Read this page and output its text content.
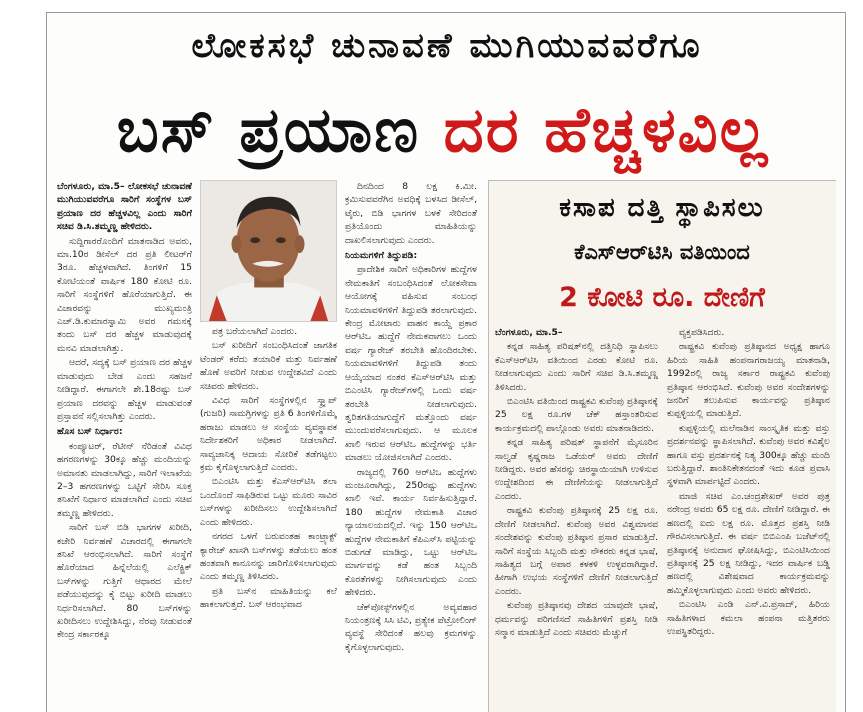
ಲೋಕಸಭೆ ಚುನಾವಣೆ ಮುಗಿಯುವವರೆಗೂ
ಬಸ್ ಪ್ರಯಾಣ ದರ ಹೆಚ್ಚಳವಿಲ್ಲ

ಬೆಂಗಳೂರು, ಮಾ.5– ಲೋಕಸಭೆ ಚುನಾವಣೆ ಮುಗಿಯುವವರೆಗೂ ಸಾರಿಗೆ ಸಂಸ್ಥೆಗಳ ಬಸ್ ಪ್ರಯಾಣ ದರ ಹೆಚ್ಚಳವಿಲ್ಲ ಎಂದು ಸಾರಿಗೆ ಸಚಿವ ಡಿ.ಸಿ.ತಮ್ಮಣ್ಣ ಹೇಳಿದರು.

ಸುದ್ದಿಗಾರರೊಂದಿಗೆ ಮಾತನಾಡಿದ ಅವರು, ಮಾ.10ರ ಡೀಸೆಲ್ ದರ ಪ್ರತಿ ಲೀಟರ್‌ಗೆ 3ರೂ. ಹೆಚ್ಚಳವಾಗಿದೆ. ತಿಂಗಳಿಗೆ 15 ಕೋಟಿಯಂತೆ ವಾರ್ಷಿಕ 180 ಕೋಟಿ ರೂ. ಸಾರಿಗೆ ಸಂಸ್ಥೆಗಳಿಗೆ ಹೊರೆಯಾಗುತ್ತಿದೆ. ಈ ವಿಚಾರವನ್ನು ಮುಖ್ಯಮಂತ್ರಿ ಎಚ್.ಡಿ.ಕುಮಾರಸ್ವಾಮಿ ಅವರ ಗಮನಕ್ಕೆ ತಂದು ಬಸ್ ದರ ಹೆಚ್ಚಳ ಮಾಡುವುದಕ್ಕೆ ಮನವಿ ಮಾಡಲಾಗಿತ್ತು.

ಆದರೆ, ಸದ್ಯಕ್ಕೆ ಬಸ್ ಪ್ರಯಾಣ ದರ ಹೆಚ್ಚಳ ಮಾಡುವುದು ಬೇಡ ಎಂದು ಸಹಜನೆ ನೀಡಿದ್ದಾರೆ. ಈಗಾಗಲೇ ಶೇ.18ರಷ್ಟು ಬಸ್ ಪ್ರಯಾಣ ದರವನ್ನು ಹೆಚ್ಚಳ ಮಾಡುವಂತೆ ಪ್ರಸ್ತಾವನೆ ಸಲ್ಲಿಸಲಾಗಿತ್ತು ಎಂದರು.

ಹೊಸ ಬಸ್ ನಿರ್ಧಾರ:

ಕಂಪ್ಯೂಟರ್, ರೆಟೀನ್ ನೆರಿಡಂತೆ ವಿವಿಧ ಹಗರಣಗಳನ್ನು 30ಕ್ಕೂ ಹೆಚ್ಚು ಮಂದಿಯನ್ನು ಅಮಾನತು ಮಾಡಲಾಗಿದ್ದು, ಸಾರಿಗೆ ಇಲಾಖೆಯ 2–3 ಹಗರಣಗಳನ್ನು ಒಟ್ಟಿಗೆ ಸೇರಿಸಿ ಸೂಕ್ತ ತನಿಖೆಗೆ ನಿರ್ಧಾರ ಮಾಡಲಾಗಿದೆ ಎಂದು ಸಚಿವ ತಮ್ಮಣ್ಣ ಹೇಳಿದರು.

ಸಾರಿಗೆ ಬಸ್ ಬಿಡಿ ಭಾಗಗಳ ಖರೀದಿ, ಕಚೇರಿ ನಿರ್ವಹಣೆ ವಿಚಾರದಲ್ಲಿ ಈಗಾಗಲೇ ತನಿಖೆ ಆರಂಭಿಸಲಾಗಿದೆ. ಸಾರಿಗೆ ಸಂಸ್ಥೆಗೆ ಹೊರೆಯಾದ ಹಿನ್ನೆಲೆಯಲ್ಲಿ ಎಲೆಕ್ಟ್ರಿಕ್ ಬಸ್‌ಗಳನ್ನು ಗುತ್ತಿಗೆ ಆಧಾರದ ಮೇಲೆ ಪಡೆಯುವುದನ್ನು ಕೈ ಬಿಟ್ಟು ಖರೀದಿ ಮಾಡಲು ನಿರ್ಧರಿಸಲಾಗಿದೆ. 80 ಬಸ್‌ಗಳನ್ನು ಖರೀದಿಸಲು ಉದ್ದೇಶಿಸಿದ್ದು, ನೆರವು ನೀಡುವಂತೆ ಕೇಂದ್ರ ಸರ್ಕಾರಕ್ಕೂ

ಪತ್ರ ಬರೆಯಲಾಗಿದೆ ಎಂದರು.

ಬಸ್ ಖರೀದಿಗೆ ಸಂಬಂಧಿಸಿದಂತೆ ಜಾಗತಿಕ ಟೆಂಡರ್ ಕರೆದು ತಯಾರಿಕೆ ಮತ್ತು ನಿರ್ವಹಣೆ ಹೊಣೆ ಅವರಿಗೆ ನೀಡುವ ಉದ್ದೇಶವಿದೆ ಎಂದು ಸಚಿವರು ಹೇಳಿದರು.

ವಿವಿಧ ಸಾರಿಗೆ ಸಂಸ್ಥೆಗಳಲ್ಲಿನ ಸ್ಕ್ರ್ಯಾಪ್ (ಗುಜರಿ) ಸಾಮಗ್ರಿಗಳನ್ನು ಪ್ರತಿ 6 ತಿಂಗಳಿಗೊಮ್ಮೆ ಹರಾಜು ಮಾಡಲು ಆ ಸಂಸ್ಥೆಯ ವ್ಯವಸ್ಥಾಪಕ ನಿರ್ದೇಶಕರಿಗೆ ಅಧಿಕಾರ ನೀಡಲಾಗಿದೆ. ಸಾವ್ಯಜಾನಿಕ್ಕ ಆದಾಯ ಸೋರಿಕೆ ತಡೆಗಟ್ಟಲು ಕ್ರಮ ಕೈಗೊಳ್ಳಲಾಗುತ್ತಿದೆ ಎಂದರು.

ಬಿಎಂಟಿಸಿ ಮತ್ತು ಕೆಎಸ್‌ಆರ್‌ಟಿಸಿ ತಲಾ ಒಂದೊಂದೆ ಸಾಫಿಡಿರುವ ಒಟ್ಟು ಮೂರು ಸಾವಿರ ಬಸ್‌ಗಳನ್ನು ಖರೀದಿಸಲು ಉದ್ದೇಶಿಸಲಾಗಿದೆ ಎಂದು ಹೇಳಿದರು.

ನಗರದ ಒಳಗೆ ಬರುವಂತಹ ಕಾಂಟ್ರ್ಯಾಕ್ಟ್ ಕ್ಯಾರೇಜ್ ಖಾಸಗಿ ಬಸ್‌ಗಳನ್ನು ತಡೆಯಲು ಹಂತ ಹಂತವಾಗಿ ಕಾನೂನನ್ನು ಜಾರಿಗೊಳಿಸಲಾಗುವುದು ಎಂದು ತಮ್ಮಣ್ಣ ತಿಳಿಸಿದರು.

ಪ್ರತಿ ಬಸ್‌ನ ಮಾಹಿತಿಯನ್ನು ಕಲೆ ಹಾಕಲಾಗುತ್ತದೆ. ಬಸ್ ಆರಂಭವಾದ

ದಿನದಿಂದ 8 ಲಕ್ಷ ಕಿ.ಮೀ. ಕ್ರಮಿಸುವವರೆಗಿನ ಅವಧಿಕ್ಕೆ ಬಳಸಿದ ಡೀಸೆಲ್, ಟೈರು, ಬಿಡಿ ಭಾಗಗಳ ಬಳಕೆ ಸೇರಿದಂತೆ ಪ್ರತಿಯೊಂದು ಮಾಹಿತಿಯನ್ನು ದಾಖಲಿಸಲಾಗುವುದು ಎಂದರು.

ನಿಯಮಗಳಿಗೆ ತಿದ್ದುಪಡಿ:

ಪ್ರಾದೇಶಿಕ ಸಾರಿಗೆ ಅಧಿಕಾರಿಗಳ ಹುದ್ದೆಗಳ ನೇಮಕಾತಿಗೆ ಸಂಬಂಧಿಸಿದಂತೆ ಲೋಕಸೇವಾ ಆಯೋಗಕ್ಕೆ ವಹಿಸುವ ಸಂಬಂಧ ನಿಯಮಾವಳಿಗಳಿಗೆ ತಿದ್ದುಪಡಿ ತರಲಾಗುವುದು. ಕೇಂದ್ರ ಮೋಟಾರು ವಾಹನ ಕಾಯ್ದೆ ಪ್ರಕಾರ ಆರ್‌ಟಿಒ ಹುದ್ದೆಗೆ ನೇಮಕವಾಗಲು ಒಂದು ವರ್ಷ ಗ್ಯಾರೇಜ್ ತರಬೇತಿ ಹೊಂದಿರಬೇಕು. ನಿಯಮಾವಳಿಗಳಿಗೆ ತಿದ್ದುಪಡಿ ತಂದು ಆಯ್ಕೆಯಾದ ನಂತರ ಕೆಎಸ್‌ಆರ್‌ಟಿಸಿ ಮತ್ತು ಬಿಎಂಟಿಸಿ ಗ್ಯಾರೇಜ್‌ಗಳಲ್ಲಿ ಒಂದು ವರ್ಷ ತರಬೇತಿ ನೀಡಲಾಗುವುದು. ತ್ವರಿತಗತಿಯಾಗುದ್ದೆಗೆ ಮತ್ತೊಂದು ವರ್ಷ ಮುಂದುವರೆಸಲಾಗುವುದು. ಆ ಮೂಲಕ ಖಾಲಿ ಇರುವ ಆರ್‌ಟಿಒ ಹುದ್ದೆಗಳನ್ನು ಭರ್ತಿ ಮಾಡಲು ಯೋಜಿಸಲಾಗಿದೆ ಎಂದರು.

ರಾಜ್ಯದಲ್ಲಿ 760 ಆರ್‌ಟಿಒ ಹುದ್ದೆಗಳು ಮಂಜೂರಾಗಿದ್ದು, 250ರಷ್ಟು ಹುದ್ದೆಗಳು ಖಾಲಿ ಇವೆ. ಕಾರ್ಯ ನಿರ್ವಹಿಸುತ್ತಿದ್ದಾರೆ. 180 ಹುದ್ದೆಗಳ ನೇಮಕಾತಿ ವಿಚಾರ ನ್ಯಾಯಾಲಯದಲ್ಲಿದೆ. ಇನ್ನು 150 ಆರ್‌ಟಿಒ ಹುದ್ದೆಗಳ ನೇಮಕಾತಿಗೆ ಕೆಪಿಎಸ್‌ಸಿ ಪಟ್ಟಿಯನ್ನು ಬಿಡುಗಡೆ ಮಾಡಿದ್ದು, ಒಟ್ಟು ಆರ್‌ಟಿಒ ಮಾರ್ಗವನ್ನು ಕಡೆ ಹಂತ ಸಿಬ್ಬಂದಿ ಕೊರತೆಗಳನ್ನು ನೀಗಿಸಲಾಗುವುದು ಎಂದು ಹೇಳಿದರು.

ಚೆಕ್‌ಪೋಸ್ಟ್‌ಗಳಲ್ಲಿನ ಅವ್ಯವಹಾರ ನಿಯಂತ್ರಣಕ್ಕೆ ಸಿಸಿ ಟಿವಿ, ಪ್ರತ್ಯೇಕ ಪೆಟ್ರೋಲಿಂಗ್ ವ್ಯವಸ್ಥೆ ಸೇರಿದಂತೆ ಹಲವು ಕ್ರಮಗಳನ್ನು ಕೈಗೊಳ್ಳಲಾಗುವುದು.

ಕಸಾಪ ದತ್ತಿ ಸ್ಥಾಪಿಸಲು
ಕೆಎಸ್‌ಆರ್‌ಟಿಸಿ ವತಿಯಿಂದ
2 ಕೋಟಿ ರೂ. ದೇಣಿಗೆ

ಬೆಂಗಳೂರು, ಮಾ.5–

ಕನ್ನಡ ಸಾಹಿತ್ಯ ಪರಿಷತ್‌ನಲ್ಲಿ ದತ್ತಿನಿಧಿ ಸ್ಥಾಪಿಸಲು ಕೆಎಸ್‌ಆರ್‌ಟಿಸಿ ವತಿಯಿಂದ ಎರಡು ಕೋಟಿ ರೂ. ನೀಡಲಾಗುವುದು ಎಂದು ಸಾರಿಗೆ ಸಚಿವ ಡಿ.ಸಿ.ತಮ್ಮಣ್ಣ ತಿಳಿಸಿದರು.

ಬಿಎಂಟಿಸಿ ವತಿಯಿಂದ ರಾಷ್ಟ್ರಕವಿ ಕುವೆಂಪು ಪ್ರತಿಷ್ಠಾನಕ್ಕೆ 25 ಲಕ್ಷ ರೂ.ಗಳ ಚೆಕ್ ಹಸ್ತಾಂತರಿಸುವ ಕಾರ್ಯಕ್ರಮದಲ್ಲಿ ಪಾಲ್ಗೊಂಡು ಅವರು ಮಾತನಾಡಿದರು.

ಕನ್ನಡ ಸಾಹಿತ್ಯ ಪರಿಷತ್ ಸ್ಥಾಪನೆಗೆ ಮೈಸೂರಿನ ಸಾಲ್ವಡೆ ಕೃಷ್ಣರಾಜ ಒಡೆಯರ್ ಅವರು ದೇಣಿಗೆ ನೀಡಿದ್ದರು. ಅವರ ಹೆಸರನ್ನು ಚಿರಸ್ಥಾಯಿಯಾಗಿ ಉಳಿಸುವ ಉದ್ದೇಶದಿಂದ ಈ ದೇಣಿಗೆಯನ್ನು ನೀಡಲಾಗುತ್ತಿದೆ ಎಂದರು.

ರಾಷ್ಟ್ರಕವಿ ಕುವೆಂಪು ಪ್ರತಿಷ್ಠಾನಕ್ಕೆ 25 ಲಕ್ಷ ರೂ. ದೇಣಿಗೆ ನೀಡಲಾಗಿದೆ. ಕುವೆಂಪು ಅವರ ವಿಶ್ವಮಾನವ ಸಂದೇಶವನ್ನು ಕುವೆಂಪು ಪ್ರತಿಷ್ಠಾನ ಪ್ರಸಾರ ಮಾಡುತ್ತಿದೆ. ಸಾರಿಗೆ ಸಂಸ್ಥೆಯ ಸಿಬ್ಬಂದಿ ಮತ್ತು ನೌಕರರು ಕನ್ನಡ ಭಾಷೆ, ಸಾಹಿತ್ಯದ ಬಗ್ಗೆ ಅಪಾರ ಕಳಕಳಿ ಉಳ್ಳವರಾಗಿದ್ದಾರೆ. ಹೀಗಾಗಿ ಉಭಯ ಸಂಸ್ಥೆಗಳಿಗೆ ದೇಣಿಗೆ ನೀಡಲಾಗುತ್ತಿದೆ ಎಂದರು.

ಕುವೆಂಪು ಪ್ರತಿಷ್ಠಾನವು ದೇಶದ ಯಾವುದೇ ಭಾಷೆ, ಧರ್ಮವನ್ನು ಪರಿಗಣಿಸದೆ ಸಾಹಿತಿಗಳಿಗೆ ಪ್ರಶಸ್ತಿ ನೀಡಿ ಸನ್ಮಾನ ಮಾಡುತ್ತಿದೆ ಎಂದು ಸಚಿವರು ಮೆಚ್ಚುಗೆ

ವ್ಯಕ್ತಪಡಿಸಿದರು.

ರಾಷ್ಟ್ರಕವಿ ಕುವೆಂಪು ಪ್ರತಿಷ್ಠಾನದ ಅಧ್ಯಕ್ಷ ಹಾಗೂ ಹಿರಿಯ ಸಾಹಿತಿ ಹಂಪನಾಗರಾಜಯ್ಯ ಮಾತನಾಡಿ, 1992ರಲ್ಲಿ ರಾಜ್ಯ ಸರ್ಕಾರ ರಾಷ್ಟ್ರಕವಿ ಕುವೆಂಪು ಪ್ರತಿಷ್ಠಾನ ಆರಂಭಿಸಿದೆ. ಕುವೆಂಪು ಅವರ ಸಂದೇಶಗಳನ್ನು ಜನರಿಗೆ ತಲುಪಿಸುವ ಕಾರ್ಯವನ್ನು ಪ್ರತಿಷ್ಠಾನ ಕುಪ್ಪಳ್ಳಿಯಲ್ಲಿ ಮಾಡುತ್ತಿದೆ.

ಕುಪ್ಪಳ್ಳಿಯಲ್ಲಿ ಮಲೆನಾಡಿನ ಸಾಂಸ್ಕೃತಿಕ ಮತ್ತು ವಸ್ತು ಪ್ರದರ್ಶನವನ್ನು ಸ್ಥಾಪಿಸಲಾಗಿದೆ. ಕುವೆಂಪು ಅವರ ಕವಿಶೈಲ ಹಾಗೂ ವಸ್ತು ಪ್ರದರ್ಶನಕ್ಕೆ ನಿತ್ಯ 300ಕ್ಕೂ ಹೆಚ್ಚು ಮಂದಿ ಬರುತ್ತಿದ್ದಾರೆ. ಶಾಂತಿನಿಕೇತನದಂತೆ ಇದು ಕೂಡ ಪ್ರವಾಸಿ ಸ್ಥಳವಾಗಿ ಮಾರ್ಪಟ್ಟಿದೆ ಎಂದರು.

ಮಾಜಿ ಸಚಿವ ಎಂ.ಚಂದ್ರಶೇಖರ್ ಅವರ ಪುತ್ರ ನರೇಂದ್ರ ಅವರು 65 ಲಕ್ಷ ರೂ. ದೇಣಿಗೆ ನೀಡಿದ್ದಾರೆ. ಈ ಹಣದಲ್ಲಿ ಐದು ಲಕ್ಷ ರೂ. ಮೊತ್ತದ ಪ್ರಶಸ್ತಿ ನೀಡಿ ಗೌರವಿಸಲಾಗುತ್ತಿದೆ. ಈ ವರ್ಷ ಬಿಬಿಎಂಪಿ ಬಜೆಟ್‌ನಲ್ಲಿ ಪ್ರತಿಷ್ಠಾನಕ್ಕೆ ಅನುದಾನ ಘೋಷಿಸಿದ್ದು, ಬಿಎಂಟಿಸಿಯಿಂದ ಪ್ರತಿಷ್ಠಾನಕ್ಕೆ 25 ಲಕ್ಷ ನೀಡಿದ್ದು, ಇದರ ವಾರ್ಷಿಕ ಬಡ್ಡಿ ಹಣದಲ್ಲಿ ವಿಶೇಷವಾದ ಕಾರ್ಯಕ್ರಮವನ್ನು ಹಮ್ಮಿಕೊಳ್ಳಲಾಗುವುದು ಎಂದು ಅವರು ಹೇಳಿದರು.

ಬಿಎಂಟಿಸಿ ಎಂಡಿ ಎನ್.ವಿ.ಪ್ರಸಾದ್, ಹಿರಿಯ ಸಾಹಿತಿಗಳಾದ ಕಮಲಾ ಹಂಪನಾ ಮತ್ತಿತರರು ಉಪಸ್ಥಿತರಿದ್ದರು.
